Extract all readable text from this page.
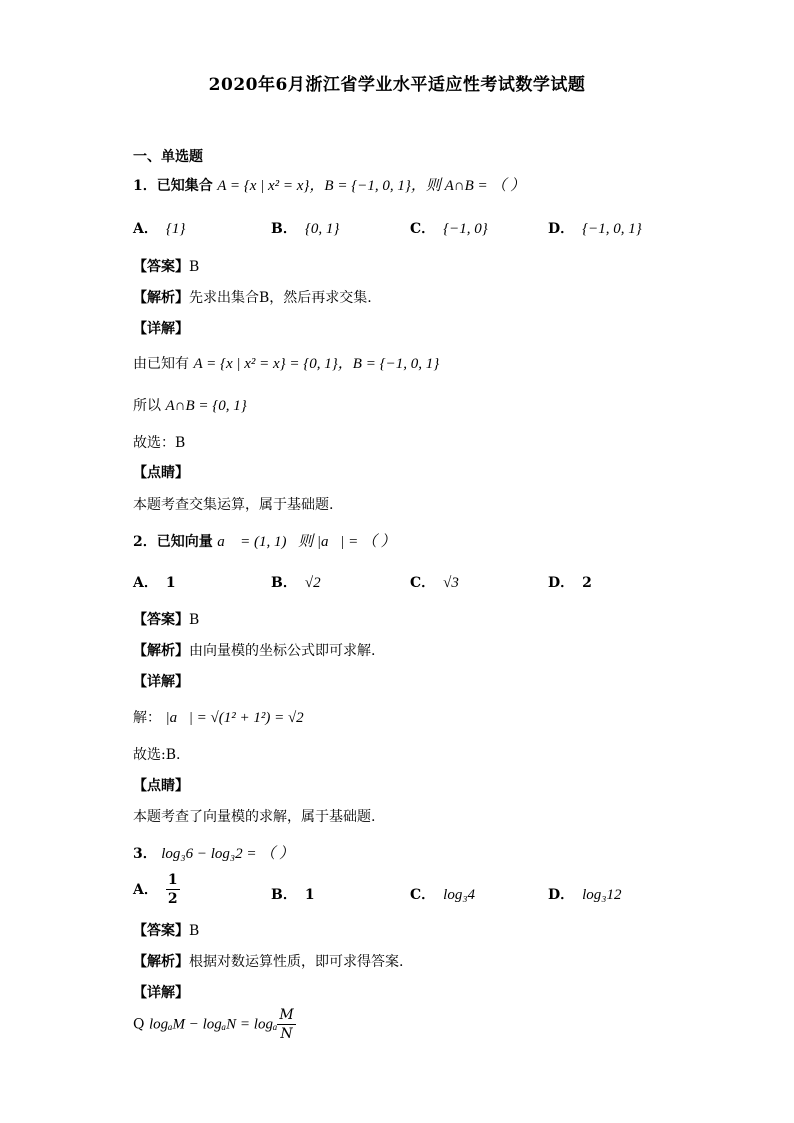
2020年6月浙江省学业水平适应性考试数学试题
一、单选题
1．已知集合 A = {x | x² = x}，B = {−1, 0, 1}，则 A∩B = （ ）
A． {1}	B． {0, 1}	C． {−1, 0}	D． {−1, 0, 1}
【答案】B
【解析】先求出集合B，然后再求交集.
【详解】
由已知有 A = {x | x² = x} = {0, 1}，B = {−1, 0, 1}
所以 A∩B = {0, 1}
故选：B
【点睛】
本题考查交集运算，属于基础题.
2．已知向量 a⃗ = (1, 1)，则 |a⃗| = （ ）
A． 1	B． √2	C． √3	D． 2
【答案】B
【解析】由向量模的坐标公式即可求解.
【详解】
解： |a⃗| = √(1² + 1²) = √2，
故选:B.
【点睛】
本题考查了向量模的求解，属于基础题.
3． log₃6 − log₃2 = （ ）
A． $\frac{1}{2}$	B． 1	C． log₃4	D． log₃12
【答案】B
【解析】根据对数运算性质，即可求得答案.
【详解】
Q logₐM − logₐN = logₐ $\frac{M}{N}$
